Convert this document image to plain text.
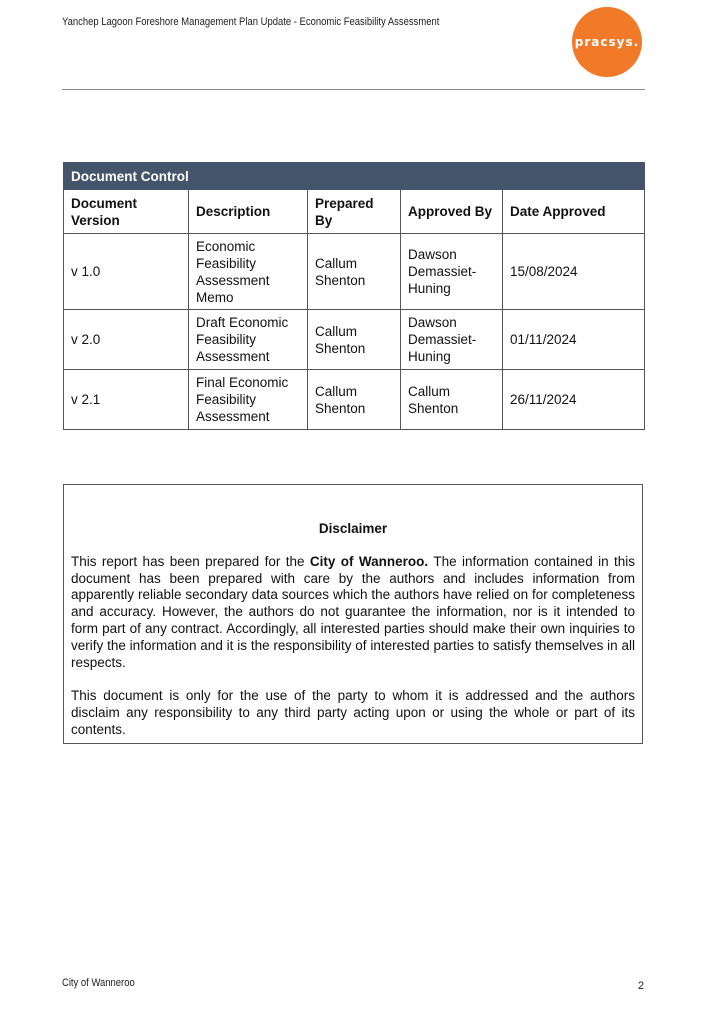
Yanchep Lagoon Foreshore Management Plan Update - Economic Feasibility Assessment
pracsys.
Document Control				
Document Version	Description	Prepared By	Approved By	Date Approved
v 1.0	Economic Feasibility Assessment Memo	Callum Shenton	Dawson Demassiet-Huning	15/08/2024
v 2.0	Draft Economic Feasibility Assessment	Callum Shenton	Dawson Demassiet-Huning	01/11/2024
v 2.1	Final Economic Feasibility Assessment	Callum Shenton	Callum Shenton	26/11/2024
Disclaimer

This report has been prepared for the City of Wanneroo. The information contained in this document has been prepared with care by the authors and includes information from apparently reliable secondary data sources which the authors have relied on for completeness and accuracy. However, the authors do not guarantee the information, nor is it intended to form part of any contract. Accordingly, all interested parties should make their own inquiries to verify the information and it is the responsibility of interested parties to satisfy themselves in all respects.

This document is only for the use of the party to whom it is addressed and the authors disclaim any responsibility to any third party acting upon or using the whole or part of its contents.

City of Wanneroo	2
